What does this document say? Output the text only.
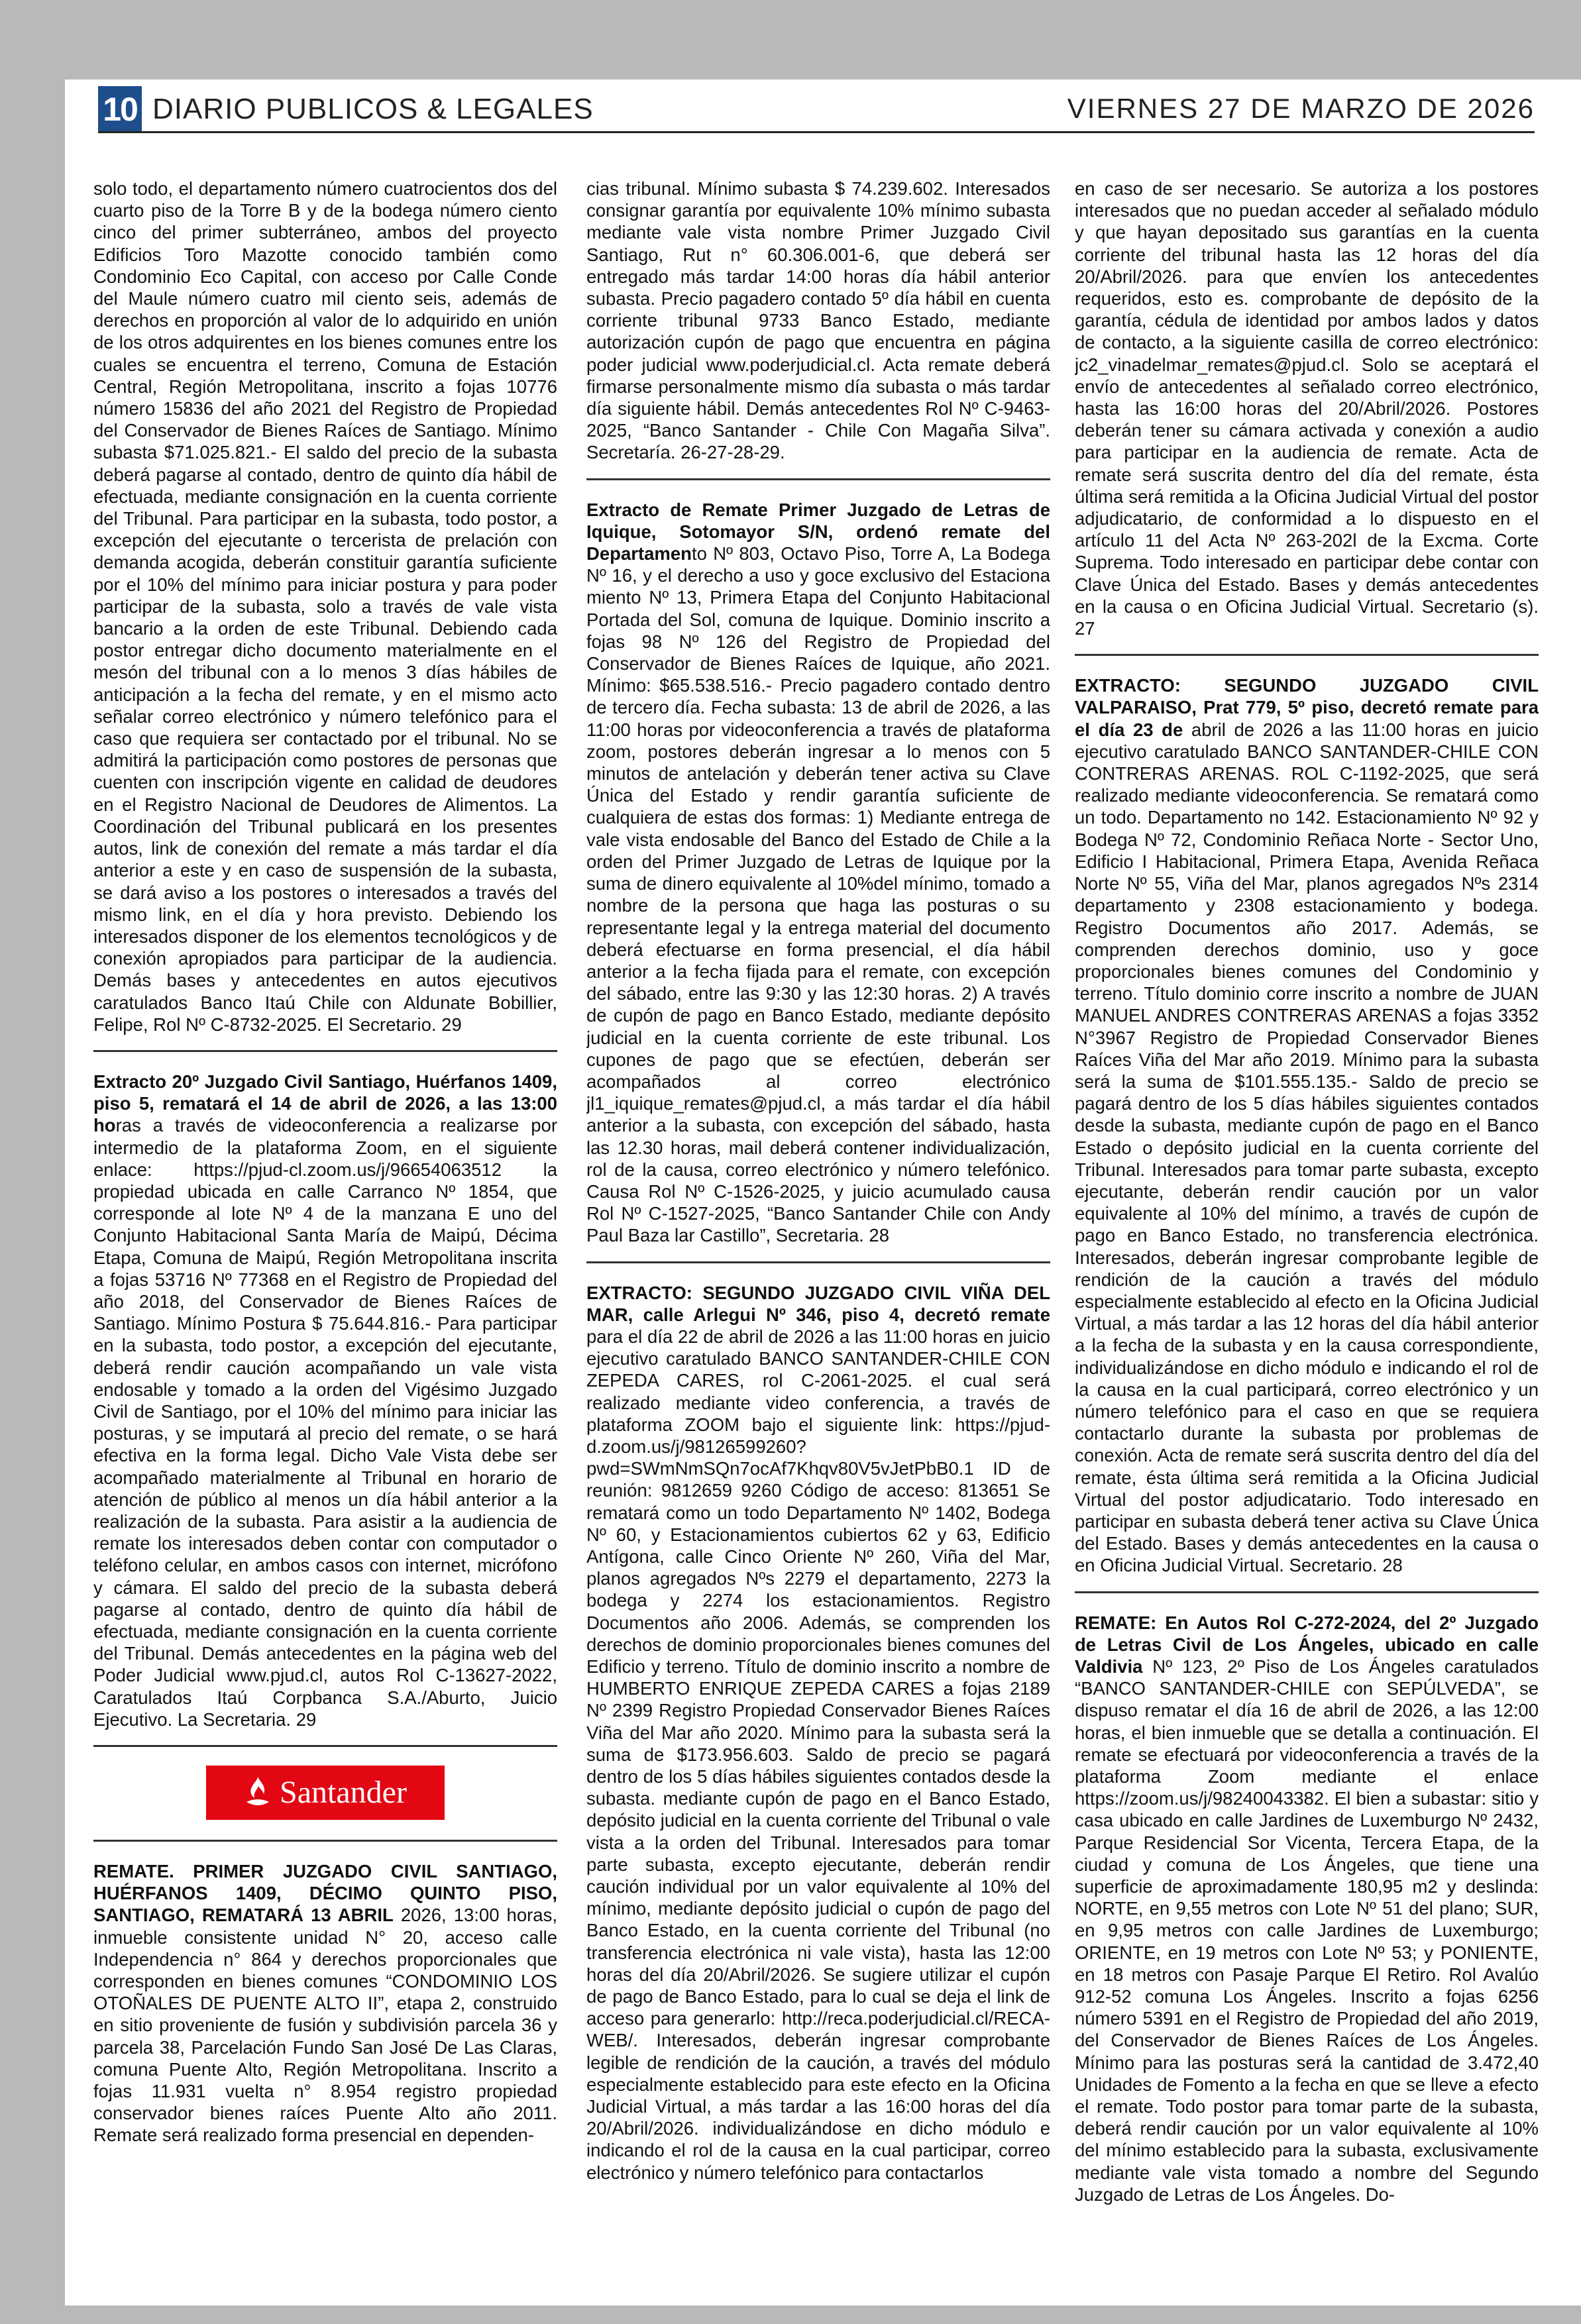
10 DIARIO PUBLICOS & LEGALES	VIERNES 27 DE MARZO DE 2026

solo todo, el departamento número cuatrocientos dos del cuarto piso de la Torre B y de la bodega número ciento cinco del primer subterráneo, ambos del proyecto Edificios Toro Mazotte conocido también como Condominio Eco Capital, con acceso por Calle Conde del Maule número cuatro mil ciento seis, además de derechos en proporción al valor de lo adquirido en unión de los otros adquirentes en los bienes comunes entre los cuales se encuentra el terreno, Comuna de Estación Central, Región Metropolitana, inscrito a fojas 10776 número 15836 del año 2021 del Registro de Propiedad del Conservador de Bienes Raíces de Santiago. Mínimo subasta $71.025.821.- El saldo del precio de la subasta deberá pagarse al contado, dentro de quinto día hábil de efectuada, mediante consignación en la cuenta corriente del Tribunal. Para participar en la subasta, todo postor, a excepción del ejecutante o tercerista de prelación con demanda acogida, deberán constituir garantía suficiente por el 10% del mínimo para iniciar postura y para poder participar de la subasta, solo a través de vale vista bancario a la orden de este Tribunal. Debiendo cada postor entregar dicho documento materialmente en el mesón del tribunal con a lo menos 3 días hábiles de anticipación a la fecha del remate, y en el mismo acto señalar correo electrónico y número telefónico para el caso que requiera ser contactado por el tribunal. No se admitirá la participación como postores de personas que cuenten con inscripción vigente en calidad de deudores en el Registro Nacional de Deudores de Alimentos. La Coordinación del Tribunal publicará en los presentes autos, link de conexión del remate a más tardar el día anterior a este y en caso de suspensión de la subasta, se dará aviso a los postores o interesados a través del mismo link, en el día y hora previsto. Debiendo los interesados disponer de los elementos tecnológicos y de conexión apropiados para participar de la audiencia. Demás bases y antecedentes en autos ejecutivos caratulados Banco Itaú Chile con Aldunate Bobillier, Felipe, Rol Nº C-8732-2025. El Secretario. 29

Extracto 20º Juzgado Civil Santiago, Huérfanos 1409, piso 5, rematará el 14 de abril de 2026, a las 13:00 horas a través de videoconferencia a realizarse por intermedio de la plataforma Zoom, en el siguiente enlace: https://pjud-cl.zoom.us/j/96654063512 la propiedad ubicada en calle Carranco Nº 1854, que corresponde al lote Nº 4 de la manzana E uno del Conjunto Habitacional Santa María de Maipú, Décima Etapa, Comuna de Maipú, Región Metropolitana inscrita a fojas 53716 Nº 77368 en el Registro de Propiedad del año 2018, del Conservador de Bienes Raíces de Santiago. Mínimo Postura $ 75.644.816.- Para participar en la subasta, todo postor, a excepción del ejecutante, deberá rendir caución acompañando un vale vista endosable y tomado a la orden del Vigésimo Juzgado Civil de Santiago, por el 10% del mínimo para iniciar las posturas, y se imputará al precio del remate, o se hará efectiva en la forma legal. Dicho Vale Vista debe ser acompañado materialmente al Tribunal en horario de atención de público al menos un día hábil anterior a la realización de la subasta. Para asistir a la audiencia de remate los interesados deben contar con computador o teléfono celular, en ambos casos con internet, micrófono y cámara. El saldo del precio de la subasta deberá pagarse al contado, dentro de quinto día hábil de efectuada, mediante consignación en la cuenta corriente del Tribunal. Demás antecedentes en la página web del Poder Judicial www.pjud.cl, autos Rol C-13627-2022, Caratulados Itaú Corpbanca S.A./Aburto, Juicio Ejecutivo. La Secretaria. 29

Santander

REMATE. PRIMER JUZGADO CIVIL SANTIAGO, HUÉRFANOS 1409, DÉCIMO QUINTO PISO, SANTIAGO, REMATARÁ 13 ABRIL 2026, 13:00 horas, inmueble consistente unidad N° 20, acceso calle Independencia n° 864 y derechos proporcionales que corresponden en bienes comunes “CONDOMINIO LOS OTOÑALES DE PUENTE ALTO II”, etapa 2, construido en sitio proveniente de fusión y subdivisión parcela 36 y parcela 38, Parcelación Fundo San José De Las Claras, comuna Puente Alto, Región Metropolitana. Inscrito a fojas 11.931 vuelta n° 8.954 registro propiedad conservador bienes raíces Puente Alto año 2011. Remate será realizado forma presencial en dependen-

cias tribunal. Mínimo subasta $ 74.239.602. Interesados consignar garantía por equivalente 10% mínimo subasta mediante vale vista nombre Primer Juzgado Civil Santiago, Rut n° 60.306.001-6, que deberá ser entregado más tardar 14:00 horas día hábil anterior subasta. Precio pagadero contado 5º día hábil en cuenta corriente tribunal 9733 Banco Estado, mediante autorización cupón de pago que encuentra en página poder judicial www.poderjudicial.cl. Acta remate deberá firmarse personalmente mismo día subasta o más tardar día siguiente hábil. Demás antecedentes Rol Nº C-9463-2025, “Banco Santander - Chile Con Magaña Silva”. Secretaría. 26-27-28-29.

Extracto de Remate Primer Juzgado de Letras de Iquique, Sotomayor S/N, ordenó remate del Departamento Nº 803, Octavo Piso, Torre A, La Bodega Nº 16, y el derecho a uso y goce exclusivo del Estaciona miento Nº 13, Primera Etapa del Conjunto Habitacional Portada del Sol, comuna de Iquique. Dominio inscrito a fojas 98 Nº 126 del Registro de Propiedad del Conservador de Bienes Raíces de Iquique, año 2021. Mínimo: $65.538.516.- Precio pagadero contado dentro de tercero día. Fecha subasta: 13 de abril de 2026, a las 11:00 horas por videoconferencia a través de plataforma zoom, postores deberán ingresar a lo menos con 5 minutos de antelación y deberán tener activa su Clave Única del Estado y rendir garantía suficiente de cualquiera de estas dos formas: 1) Mediante entrega de vale vista endosable del Banco del Estado de Chile a la orden del Primer Juzgado de Letras de Iquique por la suma de dinero equivalente al 10%del mínimo, tomado a nombre de la persona que haga las posturas o su representante legal y la entrega material del documento deberá efectuarse en forma presencial, el día hábil anterior a la fecha fijada para el remate, con excepción del sábado, entre las 9:30 y las 12:30 horas. 2) A través de cupón de pago en Banco Estado, mediante depósito judicial en la cuenta corriente de este tribunal. Los cupones de pago que se efectúen, deberán ser acompañados al correo electrónico jl1_iquique_remates@pjud.cl, a más tardar el día hábil anterior a la subasta, con excepción del sábado, hasta las 12.30 horas, mail deberá contener individualización, rol de la causa, correo electrónico y número telefónico. Causa Rol Nº C-1526-2025, y juicio acumulado causa Rol Nº C-1527-2025, “Banco Santander Chile con Andy Paul Baza lar Castillo”, Secretaria. 28

EXTRACTO: SEGUNDO JUZGADO CIVIL VIÑA DEL MAR, calle Arlegui Nº 346, piso 4, decretó remate para el día 22 de abril de 2026 a las 11:00 horas en juicio ejecutivo caratulado BANCO SANTANDER-CHILE CON ZEPEDA CARES, rol C-2061-2025. el cual será realizado mediante video conferencia, a través de plataforma ZOOM bajo el siguiente link: https://pjud-d.zoom.us/j/98126599260?pwd=SWmNmSQn7ocAf7Khqv80V5vJetPbB0.1 ID de reunión: 9812659 9260 Código de acceso: 813651 Se rematará como un todo Departamento Nº 1402, Bodega Nº 60, y Estacionamientos cubiertos 62 y 63, Edificio Antígona, calle Cinco Oriente Nº 260, Viña del Mar, planos agregados Nºs 2279 el departamento, 2273 la bodega y 2274 los estacionamientos. Registro Documentos año 2006. Además, se comprenden los derechos de dominio proporcionales bienes comunes del Edificio y terreno. Título de dominio inscrito a nombre de HUMBERTO ENRIQUE ZEPEDA CARES a fojas 2189 Nº 2399 Registro Propiedad Conservador Bienes Raíces Viña del Mar año 2020. Mínimo para la subasta será la suma de $173.956.603. Saldo de precio se pagará dentro de los 5 días hábiles siguientes contados desde la subasta. mediante cupón de pago en el Banco Estado, depósito judicial en la cuenta corriente del Tribunal o vale vista a la orden del Tribunal. Interesados para tomar parte subasta, excepto ejecutante, deberán rendir caución individual por un valor equivalente al 10% del mínimo, mediante depósito judicial o cupón de pago del Banco Estado, en la cuenta corriente del Tribunal (no transferencia electrónica ni vale vista), hasta las 12:00 horas del día 20/Abril/2026. Se sugiere utilizar el cupón de pago de Banco Estado, para lo cual se deja el link de acceso para generarlo: http://reca.poderjudicial.cl/RECA-WEB/. Interesados, deberán ingresar comprobante legible de rendición de la caución, a través del módulo especialmente establecido para este efecto en la Oficina Judicial Virtual, a más tardar a las 16:00 horas del día 20/Abril/2026. individualizándose en dicho módulo e indicando el rol de la causa en la cual participar, correo electrónico y número telefónico para contactarlos

en caso de ser necesario. Se autoriza a los postores interesados que no puedan acceder al señalado módulo y que hayan depositado sus garantías en la cuenta corriente del tribunal hasta las 12 horas del día 20/Abril/2026. para que envíen los antecedentes requeridos, esto es. comprobante de depósito de la garantía, cédula de identidad por ambos lados y datos de contacto, a la siguiente casilla de correo electrónico: jc2_vinadelmar_remates@pjud.cl. Solo se aceptará el envío de antecedentes al señalado correo electrónico, hasta las 16:00 horas del 20/Abril/2026. Postores deberán tener su cámara activada y conexión a audio para participar en la audiencia de remate. Acta de remate será suscrita dentro del día del remate, ésta última será remitida a la Oficina Judicial Virtual del postor adjudicatario, de conformidad a lo dispuesto en el artículo 11 del Acta Nº 263-202l de la Excma. Corte Suprema. Todo interesado en participar debe contar con Clave Única del Estado. Bases y demás antecedentes en la causa o en Oficina Judicial Virtual. Secretario (s). 27

EXTRACTO: SEGUNDO JUZGADO CIVIL VALPARAISO, Prat 779, 5º piso, decretó remate para el día 23 de abril de 2026 a las 11:00 horas en juicio ejecutivo caratulado BANCO SANTANDER-CHILE CON CONTRERAS ARENAS. ROL C-1192-2025, que será realizado mediante videoconferencia. Se rematará como un todo. Departamento no 142. Estacionamiento Nº 92 y Bodega Nº 72, Condominio Reñaca Norte - Sector Uno, Edificio I Habitacional, Primera Etapa, Avenida Reñaca Norte Nº 55, Viña del Mar, planos agregados Nºs 2314 departamento y 2308 estacionamiento y bodega. Registro Documentos año 2017. Además, se comprenden derechos dominio, uso y goce proporcionales bienes comunes del Condominio y terreno. Título dominio corre inscrito a nombre de JUAN MANUEL ANDRES CONTRERAS ARENAS a fojas 3352 N°3967 Registro de Propiedad Conservador Bienes Raíces Viña del Mar año 2019. Mínimo para la subasta será la suma de $101.555.135.- Saldo de precio se pagará dentro de los 5 días hábiles siguientes contados desde la subasta, mediante cupón de pago en el Banco Estado o depósito judicial en la cuenta corriente del Tribunal. Interesados para tomar parte subasta, excepto ejecutante, deberán rendir caución por un valor equivalente al 10% del mínimo, a través de cupón de pago en Banco Estado, no transferencia electrónica. Interesados, deberán ingresar comprobante legible de rendición de la caución a través del módulo especialmente establecido al efecto en la Oficina Judicial Virtual, a más tardar a las 12 horas del día hábil anterior a la fecha de la subasta y en la causa correspondiente, individualizándose en dicho módulo e indicando el rol de la causa en la cual participará, correo electrónico y un número telefónico para el caso en que se requiera contactarlo durante la subasta por problemas de conexión. Acta de remate será suscrita dentro del día del remate, ésta última será remitida a la Oficina Judicial Virtual del postor adjudicatario. Todo interesado en participar en subasta deberá tener activa su Clave Única del Estado. Bases y demás antecedentes en la causa o en Oficina Judicial Virtual. Secretario. 28

REMATE: En Autos Rol C-272-2024, del 2º Juzgado de Letras Civil de Los Ángeles, ubicado en calle Valdivia Nº 123, 2º Piso de Los Ángeles caratulados “BANCO SANTANDER-CHILE con SEPÚLVEDA”, se dispuso rematar el día 16 de abril de 2026, a las 12:00 horas, el bien inmueble que se detalla a continuación. El remate se efectuará por videoconferencia a través de la plataforma Zoom mediante el enlace https://zoom.us/j/98240043382. El bien a subastar: sitio y casa ubicado en calle Jardines de Luxemburgo Nº 2432, Parque Residencial Sor Vicenta, Tercera Etapa, de la ciudad y comuna de Los Ángeles, que tiene una superficie de aproximadamente 180,95 m2 y deslinda: NORTE, en 9,55 metros con Lote Nº 51 del plano; SUR, en 9,95 metros con calle Jardines de Luxemburgo; ORIENTE, en 19 metros con Lote Nº 53; y PONIENTE, en 18 metros con Pasaje Parque El Retiro. Rol Avalúo 912-52 comuna Los Ángeles. Inscrito a fojas 6256 número 5391 en el Registro de Propiedad del año 2019, del Conservador de Bienes Raíces de Los Ángeles. Mínimo para las posturas será la cantidad de 3.472,40 Unidades de Fomento a la fecha en que se lleve a efecto el remate. Todo postor para tomar parte de la subasta, deberá rendir caución por un valor equivalente al 10% del mínimo establecido para la subasta, exclusivamente mediante vale vista tomado a nombre del Segundo Juzgado de Letras de Los Ángeles. Do-
